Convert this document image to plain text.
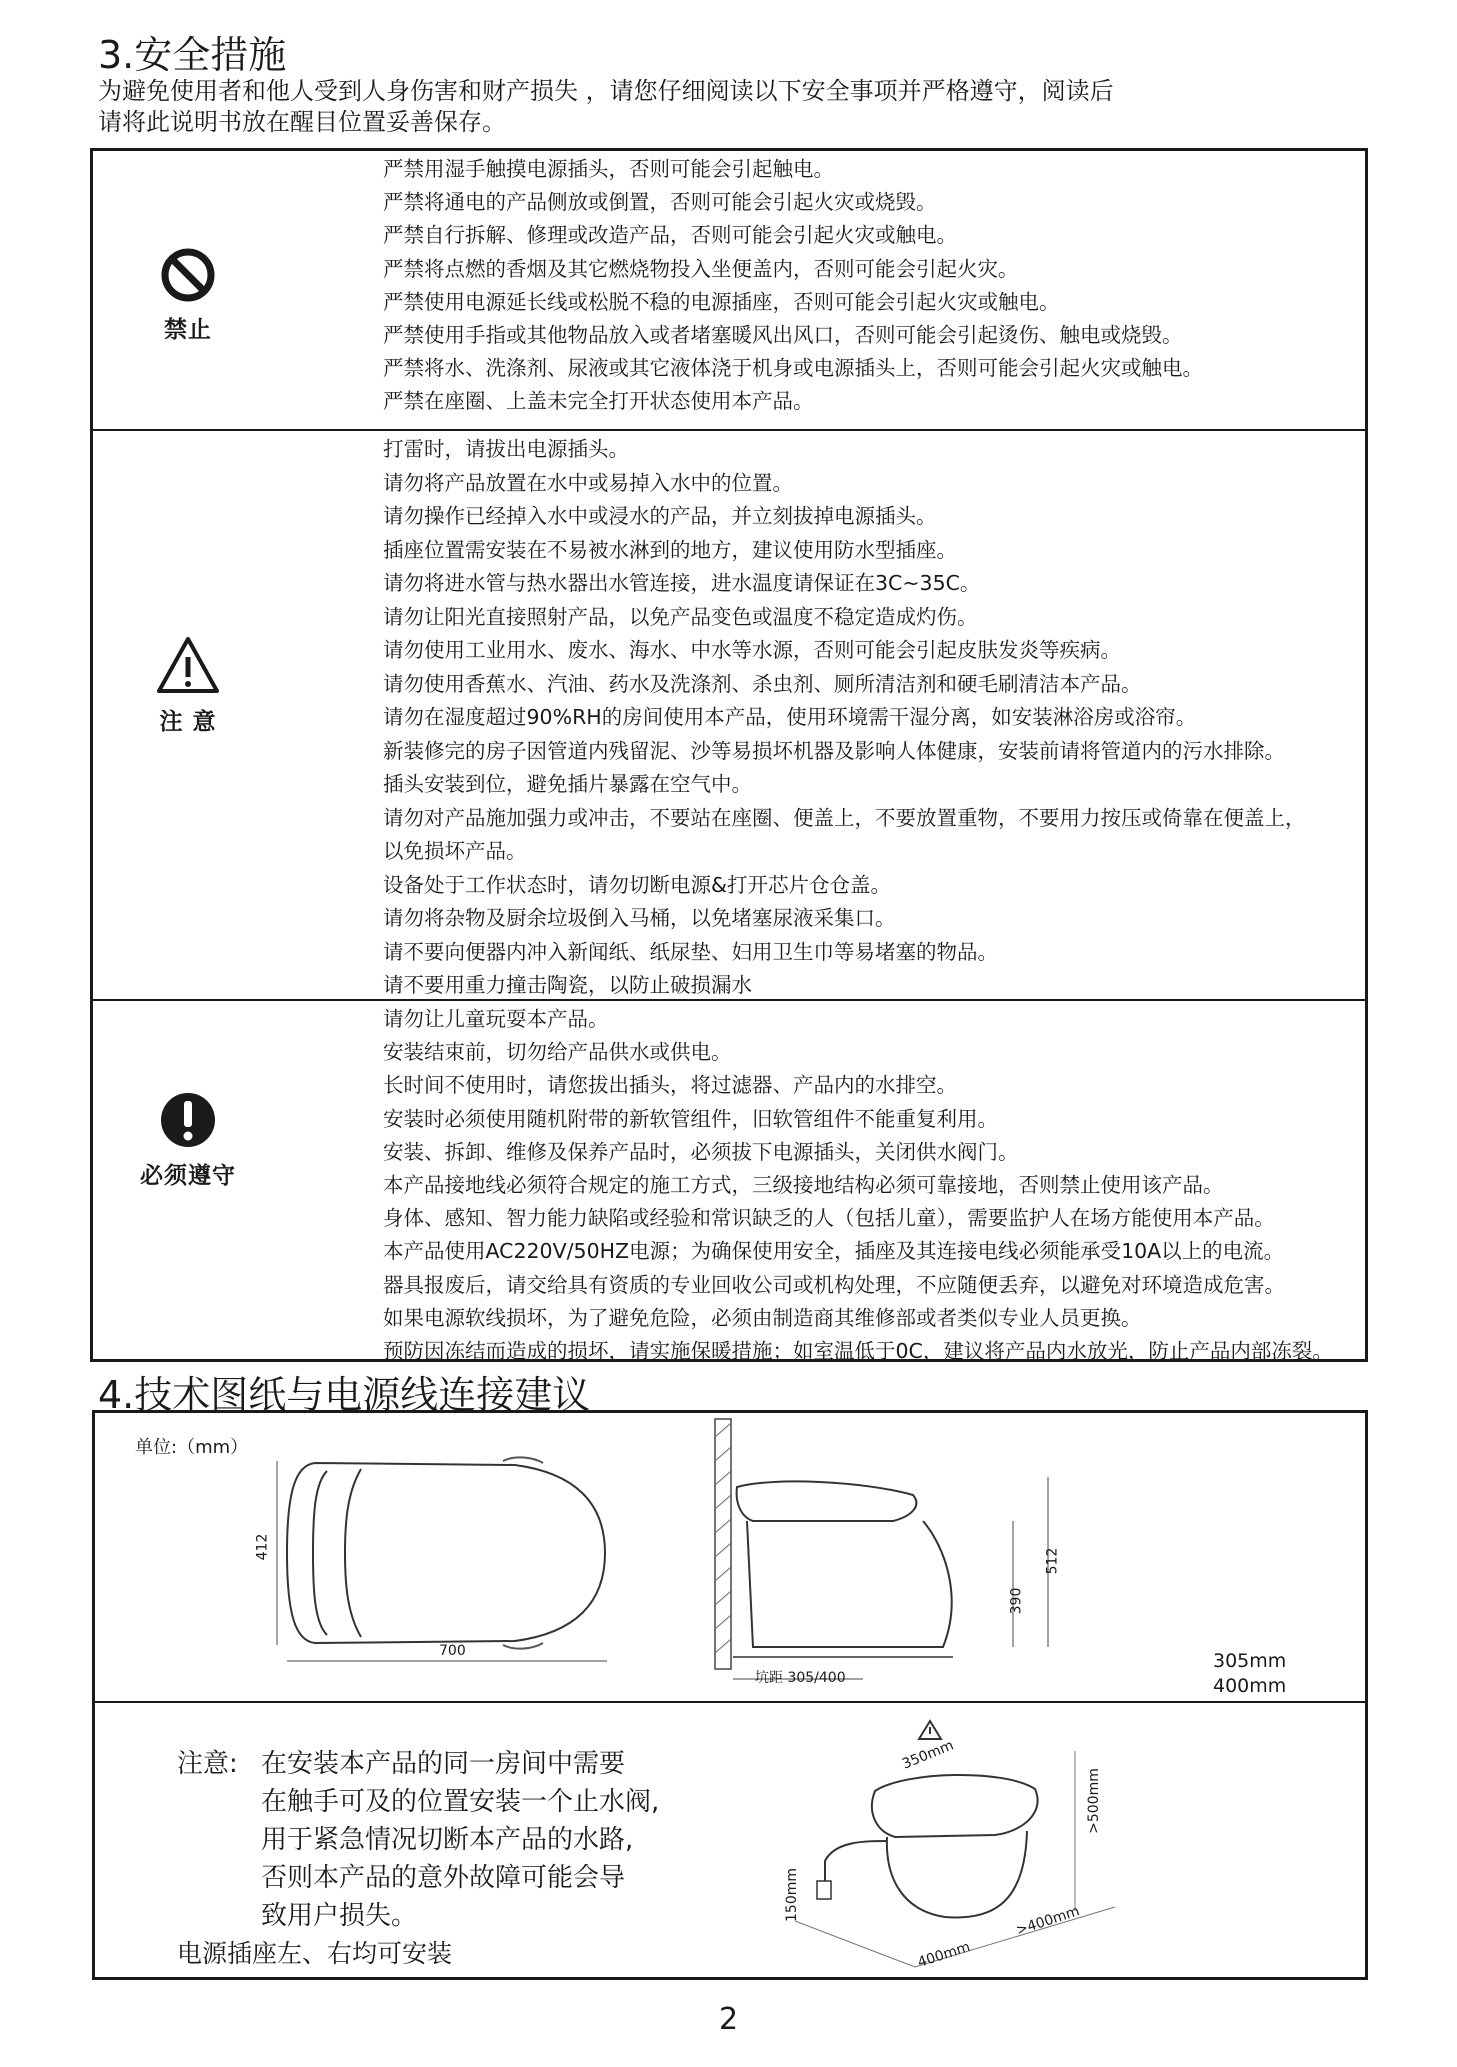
3.安全措施
为避免使用者和他人受到人身伤害和财产损失 ，请您仔细阅读以下安全事项并严格遵守，阅读后
请将此说明书放在醒目位置妥善保存。
禁止
严禁用湿手触摸电源插头，否则可能会引起触电。
严禁将通电的产品侧放或倒置，否则可能会引起火灾或烧毁。
严禁自行拆解、修理或改造产品，否则可能会引起火灾或触电。
严禁将点燃的香烟及其它燃烧物投入坐便盖内，否则可能会引起火灾。
严禁使用电源延长线或松脱不稳的电源插座，否则可能会引起火灾或触电。
严禁使用手指或其他物品放入或者堵塞暖风出风口，否则可能会引起烫伤、触电或烧毁。
严禁将水、洗涤剂、尿液或其它液体浇于机身或电源插头上，否则可能会引起火灾或触电。
严禁在座圈、上盖未完全打开状态使用本产品。
注 意
打雷时，请拔出电源插头。
请勿将产品放置在水中或易掉入水中的位置。
请勿操作已经掉入水中或浸水的产品，并立刻拔掉电源插头。
插座位置需安装在不易被水淋到的地方，建议使用防水型插座。
请勿将进水管与热水器出水管连接，进水温度请保证在3C~35C。
请勿让阳光直接照射产品，以免产品变色或温度不稳定造成灼伤。
请勿使用工业用水、废水、海水、中水等水源，否则可能会引起皮肤发炎等疾病。
请勿使用香蕉水、汽油、药水及洗涤剂、杀虫剂、厕所清洁剂和硬毛刷清洁本产品。
请勿在湿度超过90%RH的房间使用本产品，使用环境需干湿分离，如安装淋浴房或浴帘。
新装修完的房子因管道内残留泥、沙等易损坏机器及影响人体健康，安装前请将管道内的污水排除。
插头安装到位，避免插片暴露在空气中。
请勿对产品施加强力或冲击，不要站在座圈、便盖上，不要放置重物，不要用力按压或倚靠在便盖上，
以免损坏产品。
设备处于工作状态时，请勿切断电源&打开芯片仓仓盖。
请勿将杂物及厨余垃圾倒入马桶，以免堵塞尿液采集口。
请不要向便器内冲入新闻纸、纸尿垫、妇用卫生巾等易堵塞的物品。
请不要用重力撞击陶瓷，以防止破损漏水
必须遵守
请勿让儿童玩耍本产品。
安装结束前，切勿给产品供水或供电。
长时间不使用时，请您拔出插头，将过滤器、产品内的水排空。
安装时必须使用随机附带的新软管组件，旧软管组件不能重复利用。
安装、拆卸、维修及保养产品时，必须拔下电源插头，关闭供水阀门。
本产品接地线必须符合规定的施工方式，三级接地结构必须可靠接地，否则禁止使用该产品。
身体、感知、智力能力缺陷或经验和常识缺乏的人（包括儿童），需要监护人在场方能使用本产品。
本产品使用AC220V/50HZ电源；为确保使用安全，插座及其连接电线必须能承受10A以上的电流。
器具报废后，请交给具有资质的专业回收公司或机构处理，不应随便丢弃，以避免对环境造成危害。
如果电源软线损坏，为了避免危险，必须由制造商其维修部或者类似专业人员更换。
预防因冻结而造成的损坏，请实施保暖措施；如室温低于0C，建议将产品内水放光，防止产品内部冻裂。
4.技术图纸与电源线连接建议
单位:（mm）
412
700
390
512
坑距 305/400
305mm
400mm
注意: 在安装本产品的同一房间中需要
在触手可及的位置安装一个止水阀,
用于紧急情况切断本产品的水路,
否则本产品的意外故障可能会导
致用户损失。
电源插座左、右均可安装
350mm
>500mm
150mm	>400mm
400mm
2
